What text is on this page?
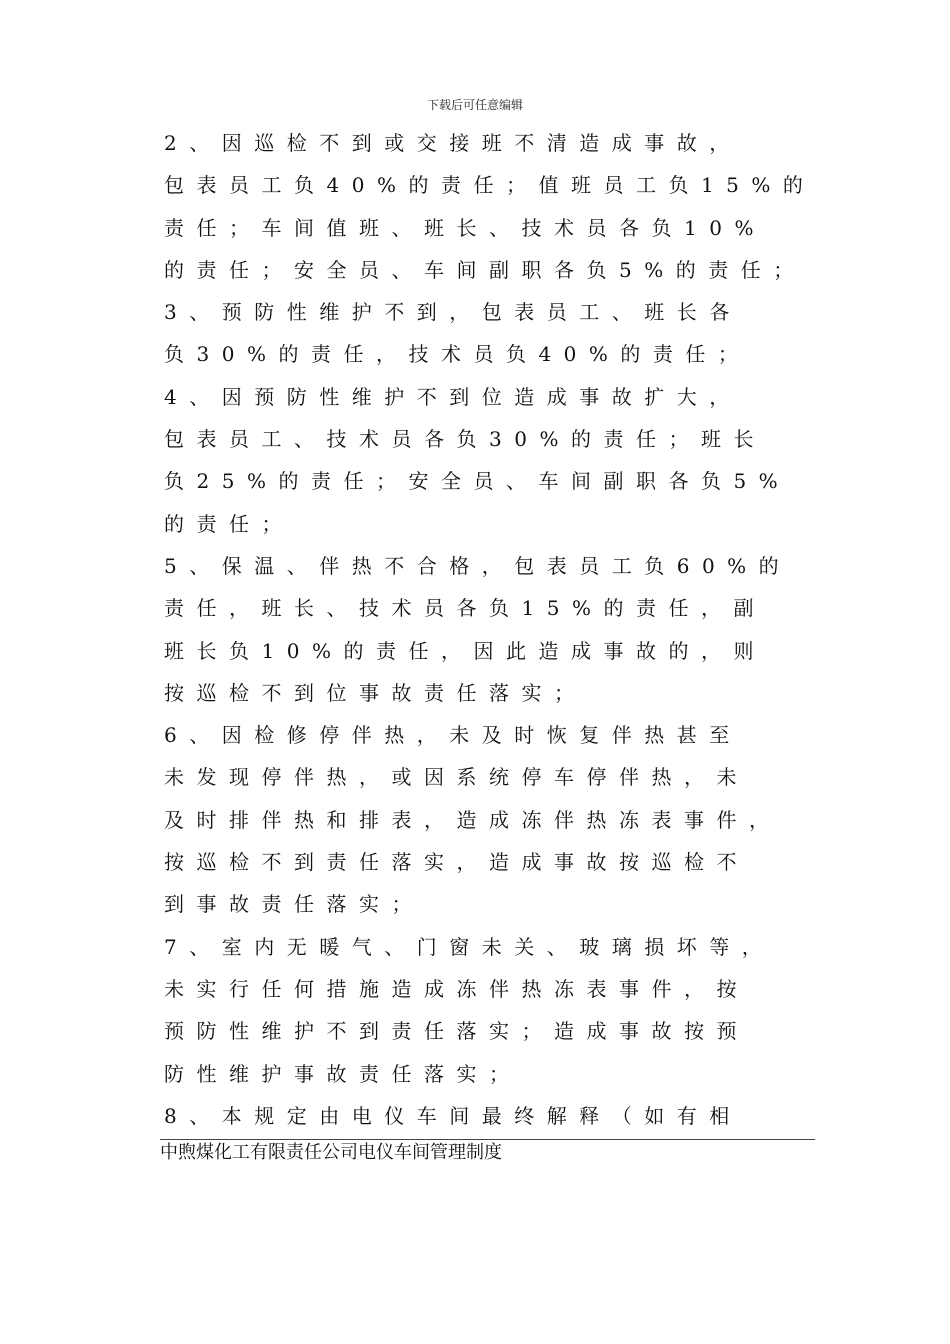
下载后可任意编辑
2、因巡检不到或交接班不清造成事故，
包表员工负40%的责任；值班员工负15%的
责任；车间值班、班长、技术员各负10%
的责任；安全员、车间副职各负5%的责任；
3、预防性维护不到，包表员工、班长各
负30%的责任，技术员负40%的责任；
4、因预防性维护不到位造成事故扩大，
包表员工、技术员各负30%的责任；班长
负25%的责任；安全员、车间副职各负5%
的责任；
5、保温、伴热不合格，包表员工负60%的
责任，班长、技术员各负15%的责任，副
班长负10%的责任，因此造成事故的，则
按巡检不到位事故责任落实；
6、因检修停伴热，未及时恢复伴热甚至
未发现停伴热，或因系统停车停伴热，未
及时排伴热和排表，造成冻伴热冻表事件，
按巡检不到责任落实，造成事故按巡检不
到事故责任落实；
7、室内无暖气、门窗未关、玻璃损坏等，
未实行任何措施造成冻伴热冻表事件，按
预防性维护不到责任落实；造成事故按预
防性维护事故责任落实；
8、本规定由电仪车间最终解释（如有相
中煦煤化工有限责任公司电仪车间管理制度
